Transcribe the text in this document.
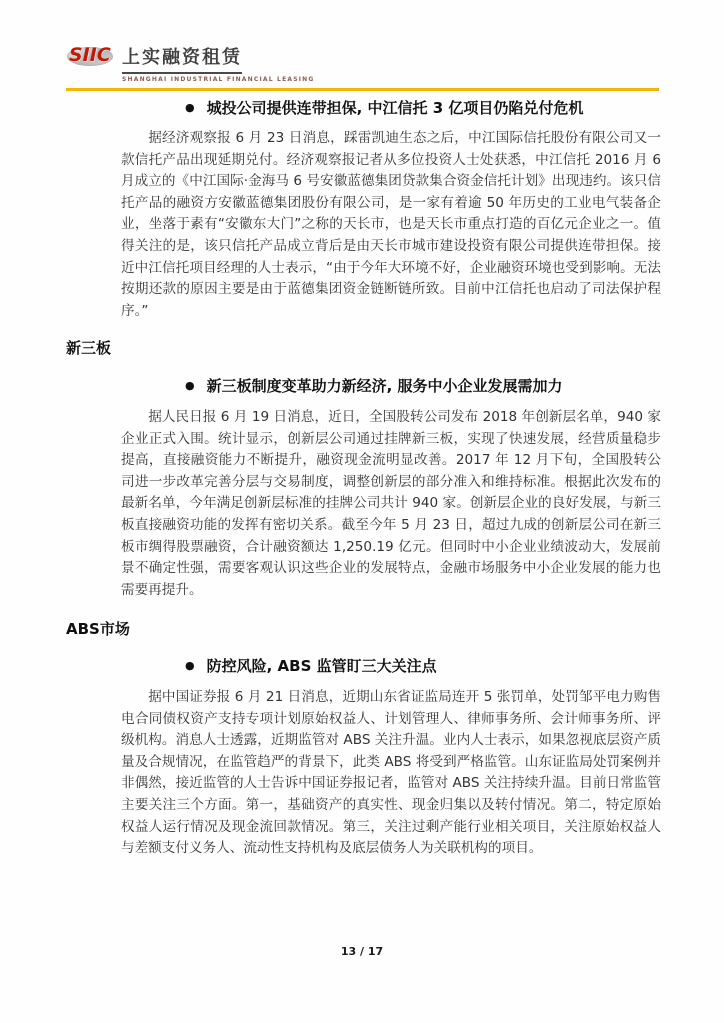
SIIC 上实融资租赁
SHANGHAI INDUSTRIAL FINANCIAL LEASING
● 城投公司提供连带担保, 中江信托 3 亿项目仍陷兑付危机
据经济观察报 6 月 23 日消息，踩雷凯迪生态之后，中江国际信托股份有限公司又一款信托产品出现延期兑付。经济观察报记者从多位投资人士处获悉，中江信托 2016 月 6 月成立的《中江国际·金海马 6 号安徽蓝德集团贷款集合资金信托计划》出现违约。该只信托产品的融资方安徽蓝德集团股份有限公司，是一家有着逾 50 年历史的工业电气装备企业，坐落于素有“安徽东大门”之称的天长市，也是天长市重点打造的百亿元企业之一。值得关注的是，该只信托产品成立背后是由天长市城市建设投资有限公司提供连带担保。接近中江信托项目经理的人士表示，“由于今年大环境不好，企业融资环境也受到影响。无法按期还款的原因主要是由于蓝德集团资金链断链所致。目前中江信托也启动了司法保护程序。”
新三板
● 新三板制度变革助力新经济, 服务中小企业发展需加力
据人民日报 6 月 19 日消息，近日，全国股转公司发布 2018 年创新层名单，940 家企业正式入围。统计显示，创新层公司通过挂牌新三板，实现了快速发展，经营质量稳步提高，直接融资能力不断提升，融资现金流明显改善。2017 年 12 月下旬，全国股转公司进一步改革完善分层与交易制度，调整创新层的部分准入和维持标准。根据此次发布的最新名单，今年满足创新层标准的挂牌公司共计 940 家。创新层企业的良好发展，与新三板直接融资功能的发挥有密切关系。截至今年 5 月 23 日，超过九成的创新层公司在新三板市绸得股票融资，合计融资额达 1,250.19 亿元。但同时中小企业业绩波动大，发展前景不确定性强，需要客观认识这些企业的发展特点，金融市场服务中小企业发展的能力也需要再提升。
ABS市场
● 防控风险, ABS 监管盯三大关注点
据中国证券报 6 月 21 日消息，近期山东省证监局连开 5 张罚单，处罚邹平电力购售电合同债权资产支持专项计划原始权益人、计划管理人、律师事务所、会计师事务所、评级机构。消息人士透露，近期监管对 ABS 关注升温。业内人士表示，如果忽视底层资产质量及合规情况，在监管趋严的背景下，此类 ABS 将受到严格监管。山东证监局处罚案例并非偶然，接近监管的人士告诉中国证券报记者，监管对 ABS 关注持续升温。目前日常监管主要关注三个方面。第一，基础资产的真实性、现金归集以及转付情况。第二，特定原始权益人运行情况及现金流回款情况。第三，关注过剩产能行业相关项目，关注原始权益人与差额支付义务人、流动性支持机构及底层债务人为关联机构的项目。
13 / 17
